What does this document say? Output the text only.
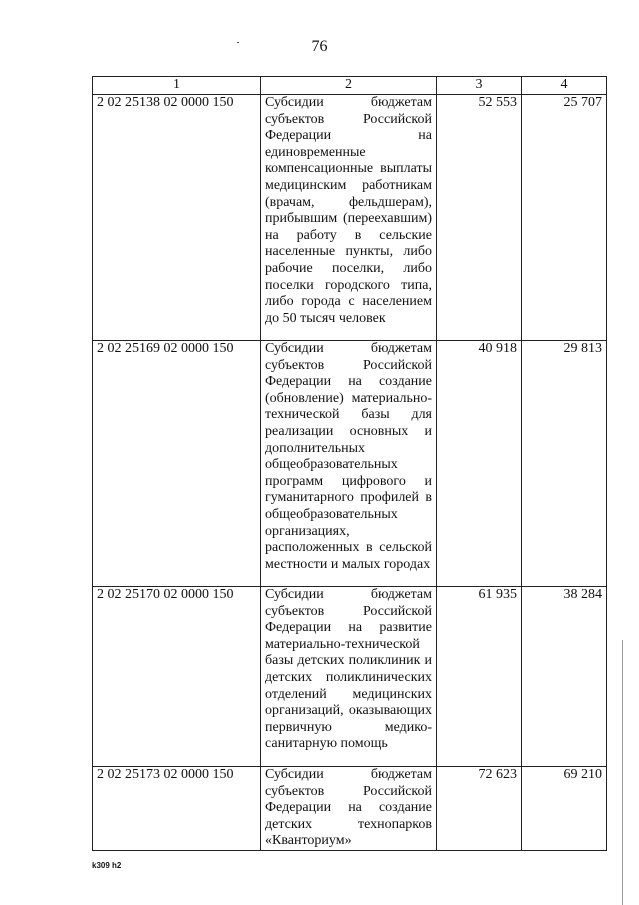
76
1	2	3	4
2 02 25138 02 0000 150	Субсидии бюджетам субъектов Российской Федерации на единовременные компенсационные выплаты медицинским работникам (врачам, фельдшерам), прибывшим (переехавшим) на работу в сельские населенные пункты, либо рабочие поселки, либо поселки городского типа, либо города с населением до 50 тысяч человек	52 553	25 707
2 02 25169 02 0000 150	Субсидии бюджетам субъектов Российской Федерации на создание (обновление) материально-технической базы для реализации основных и дополнительных общеобразовательных программ цифрового и гуманитарного профилей в общеобразовательных организациях, расположенных в сельской местности и малых городах	40 918	29 813
2 02 25170 02 0000 150	Субсидии бюджетам субъектов Российской Федерации на развитие материально-технической базы детских поликлиник и детских поликлинических отделений медицинских организаций, оказывающих первичную медико-санитарную помощь	61 935	38 284
2 02 25173 02 0000 150	Субсидии бюджетам субъектов Российской Федерации на создание детских технопарков «Кванториум»	72 623	69 210
k309 h2
